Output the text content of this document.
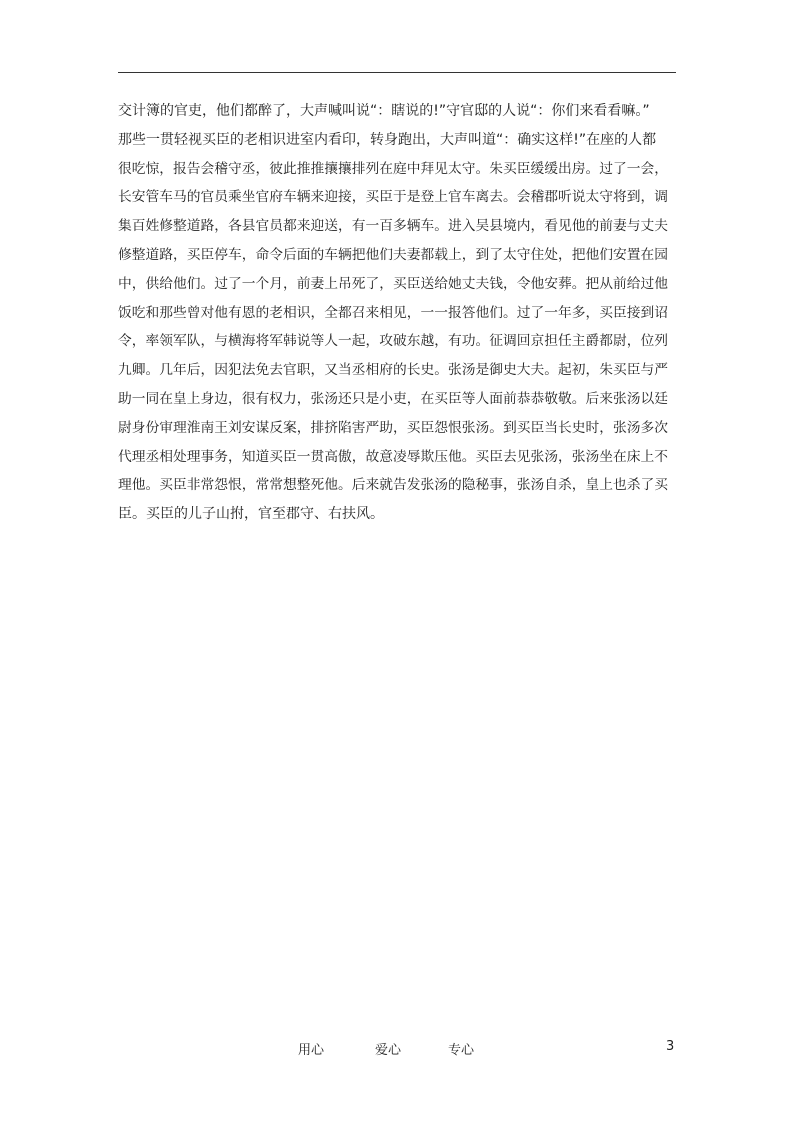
交计簿的官吏，他们都醉了，大声喊叫说“：瞎说的!”守官邸的人说“：你们来看看嘛。”
那些一贯轻视买臣的老相识进室内看印，转身跑出，大声叫道“：确实这样!”在座的人都
很吃惊，报告会稽守丞，彼此推推攘攘排列在庭中拜见太守。朱买臣缓缓出房。过了一会，
长安管车马的官员乘坐官府车辆来迎接，买臣于是登上官车离去。会稽郡听说太守将到，调
集百姓修整道路，各县官员都来迎送，有一百多辆车。进入吴县境内，看见他的前妻与丈夫
修整道路，买臣停车，命令后面的车辆把他们夫妻都载上，到了太守住处，把他们安置在园
中，供给他们。过了一个月，前妻上吊死了，买臣送给她丈夫钱，令他安葬。把从前给过他
饭吃和那些曾对他有恩的老相识，全都召来相见，一一报答他们。过了一年多，买臣接到诏
令，率领军队，与横海将军韩说等人一起，攻破东越，有功。征调回京担任主爵都尉，位列
九卿。几年后，因犯法免去官职，又当丞相府的长史。张汤是御史大夫。起初，朱买臣与严
助一同在皇上身边，很有权力，张汤还只是小吏，在买臣等人面前恭恭敬敬。后来张汤以廷
尉身份审理淮南王刘安谋反案，排挤陷害严助，买臣怨恨张汤。到买臣当长史时，张汤多次
代理丞相处理事务，知道买臣一贯高傲，故意凌辱欺压他。买臣去见张汤，张汤坐在床上不
理他。买臣非常怨恨，常常想整死他。后来就告发张汤的隐秘事，张汤自杀，皇上也杀了买
臣。买臣的儿子山拊，官至郡守、右扶风。
用心	爱心	专心	3
